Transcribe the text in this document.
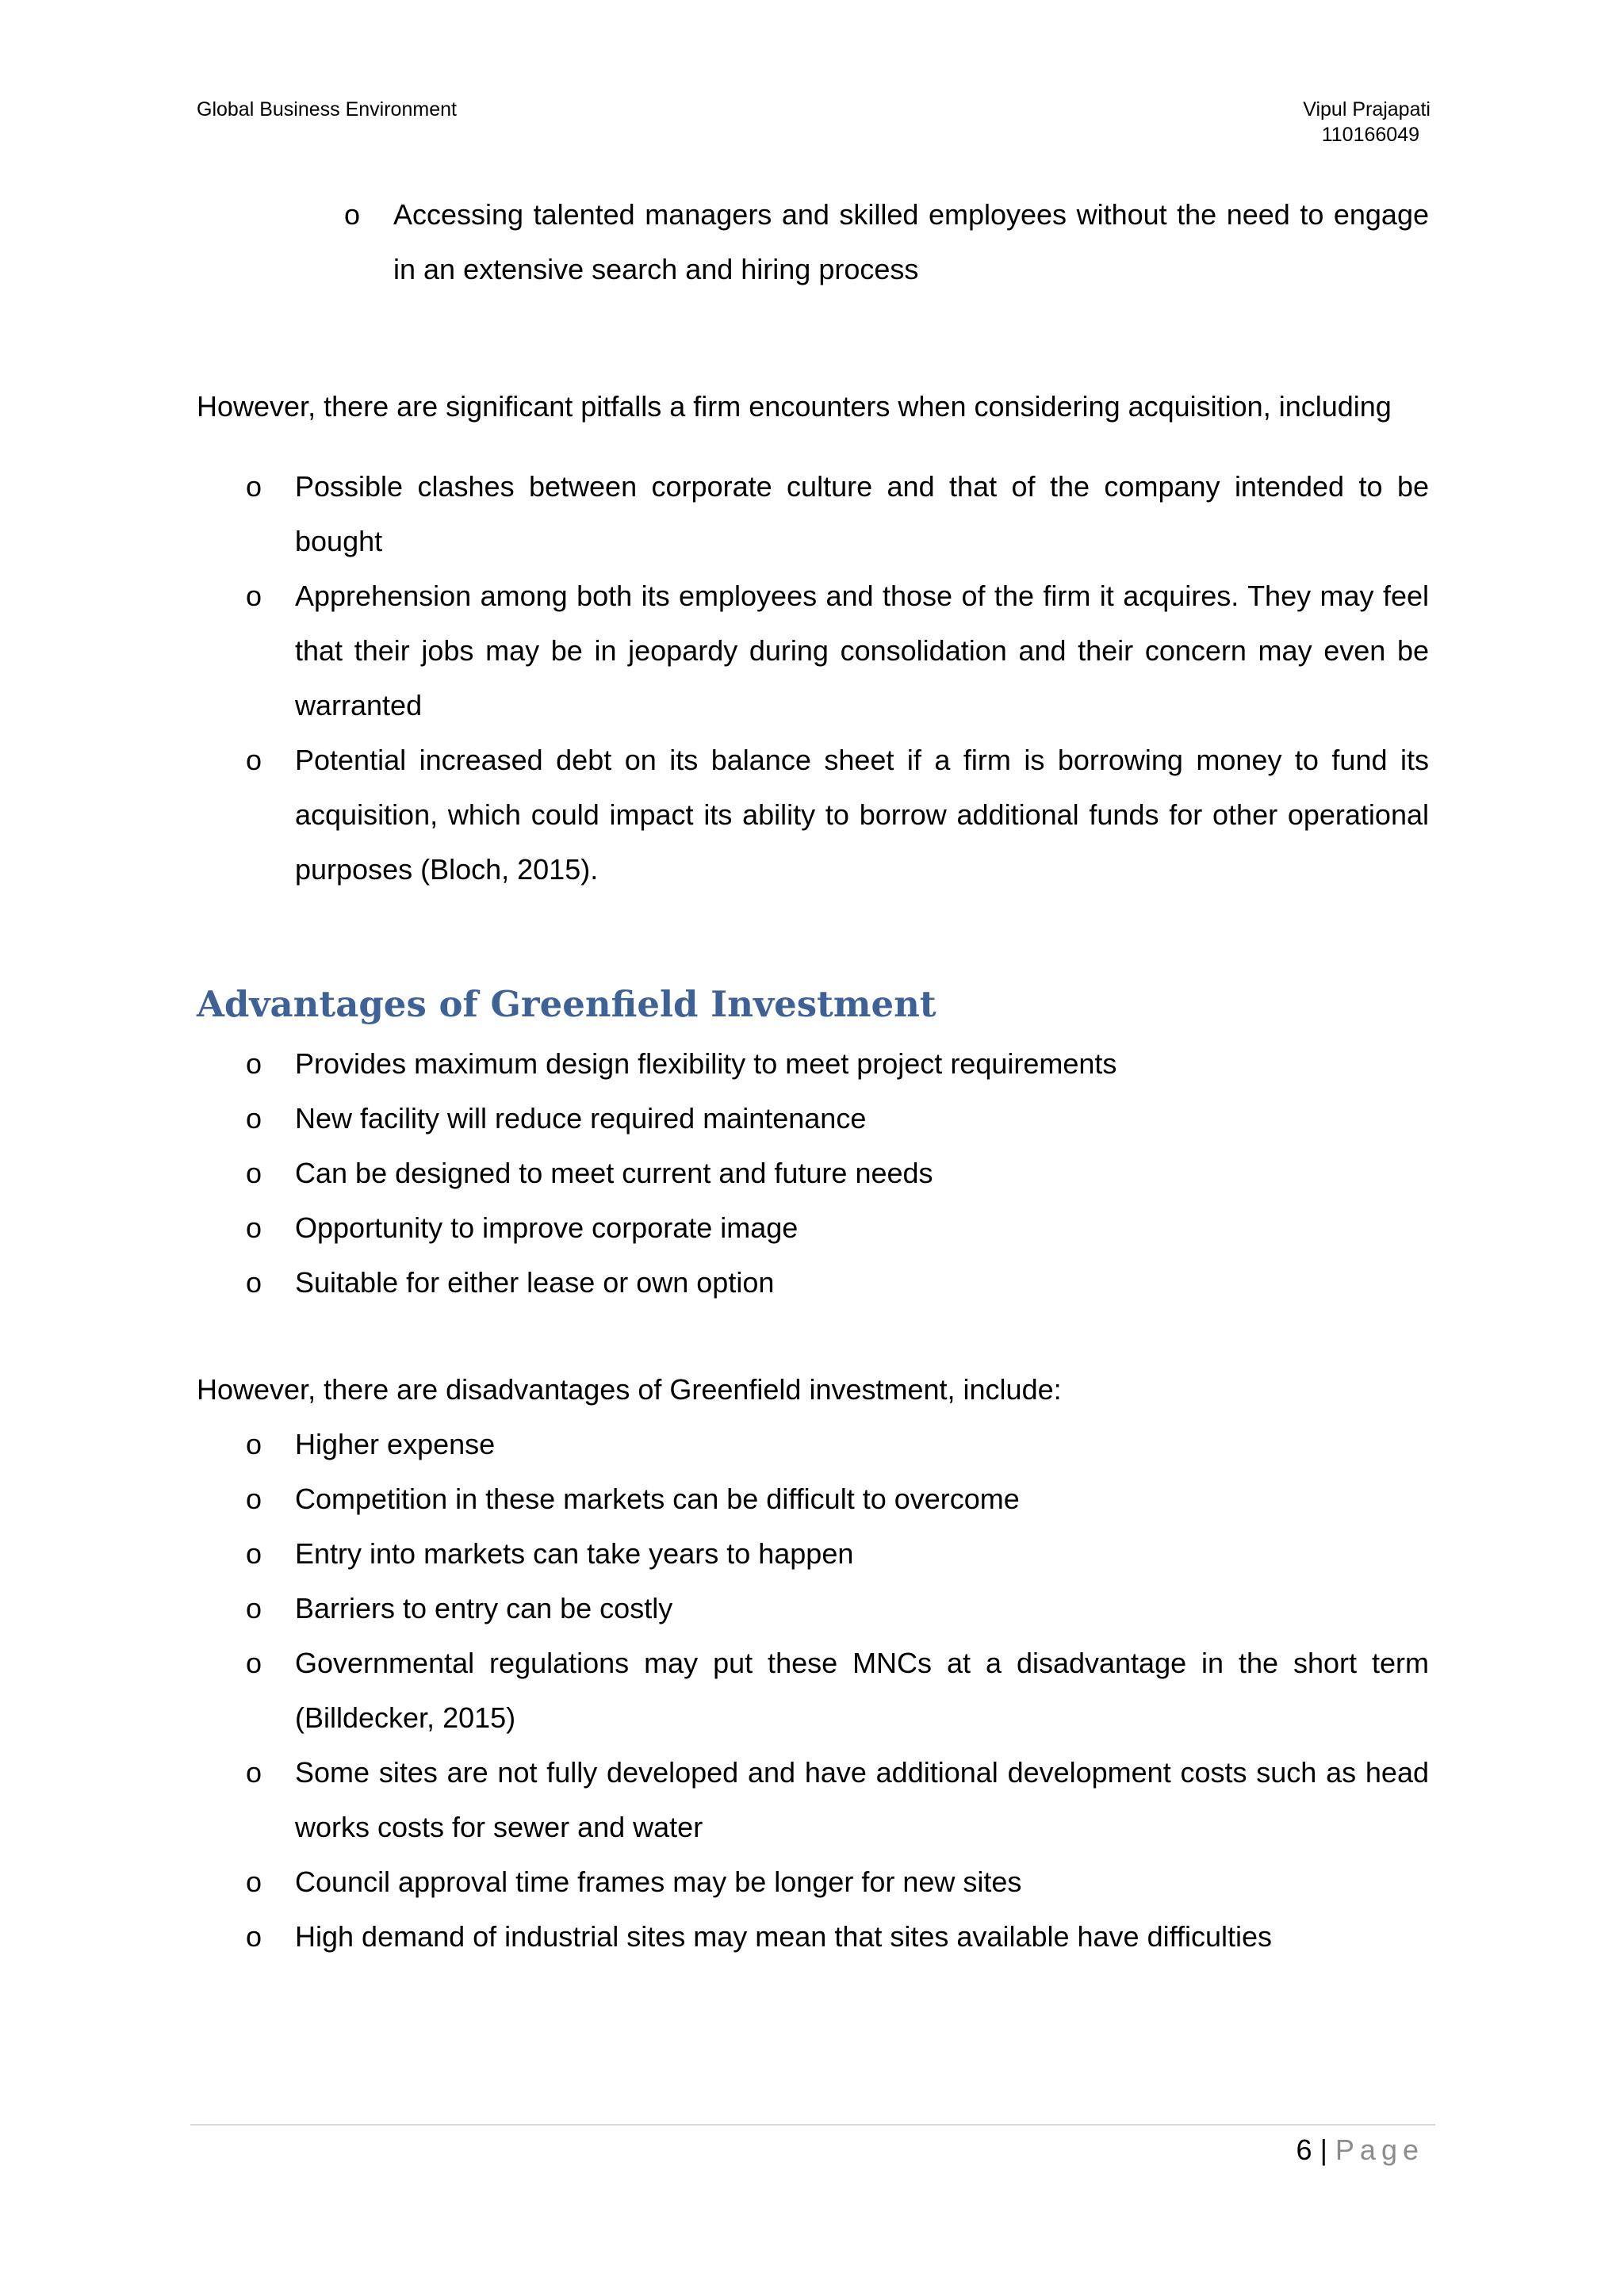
Global Business Environment	Vipul Prajapati
110166049
o Accessing talented managers and skilled employees without the need to engage in an extensive search and hiring process

However, there are significant pitfalls a firm encounters when considering acquisition, including

o Possible clashes between corporate culture and that of the company intended to be bought
o Apprehension among both its employees and those of the firm it acquires. They may feel that their jobs may be in jeopardy during consolidation and their concern may even be warranted
o Potential increased debt on its balance sheet if a firm is borrowing money to fund its acquisition, which could impact its ability to borrow additional funds for other operational purposes (Bloch, 2015).
Advantages of Greenfield Investment
o Provides maximum design flexibility to meet project requirements
o New facility will reduce required maintenance
o Can be designed to meet current and future needs
o Opportunity to improve corporate image
o Suitable for either lease or own option

However, there are disadvantages of Greenfield investment, include:

o Higher expense
o Competition in these markets can be difficult to overcome
o Entry into markets can take years to happen
o Barriers to entry can be costly
o Governmental regulations may put these MNCs at a disadvantage in the short term (Billdecker, 2015)
o Some sites are not fully developed and have additional development costs such as head works costs for sewer and water
o Council approval time frames may be longer for new sites
o High demand of industrial sites may mean that sites available have difficulties
6 | Page
